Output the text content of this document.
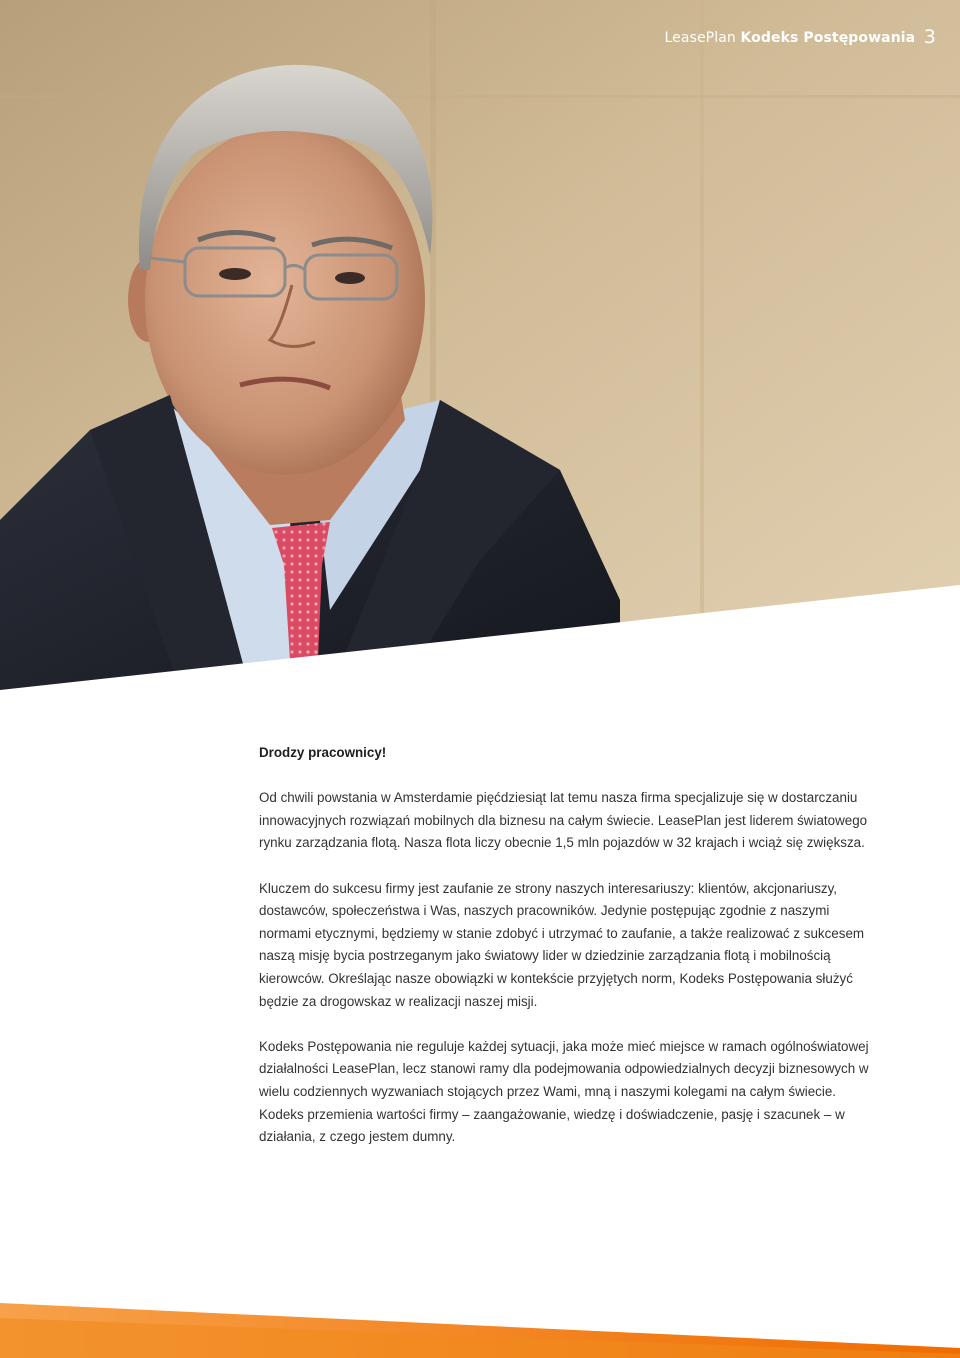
LeasePlan Kodeks Postępowania 3

Drodzy pracownicy!

Od chwili powstania w Amsterdamie pięćdziesiąt lat temu nasza firma specjalizuje się w dostarczaniu innowacyjnych rozwiązań mobilnych dla biznesu na całym świecie. LeasePlan jest liderem światowego rynku zarządzania flotą. Nasza flota liczy obecnie 1,5 mln pojazdów w 32 krajach i wciąż się zwiększa.

Kluczem do sukcesu firmy jest zaufanie ze strony naszych interesariuszy: klientów, akcjonariuszy, dostawców, społeczeństwa i Was, naszych pracowników. Jedynie postępując zgodnie z naszymi normami etycznymi, będziemy w stanie zdobyć i utrzymać to zaufanie, a także realizować z sukcesem naszą misję bycia postrzeganym jako światowy lider w dziedzinie zarządzania flotą i mobilnością kierowców. Określając nasze obowiązki w kontekście przyjętych norm, Kodeks Postępowania służyć będzie za drogowskaz w realizacji naszej misji.

Kodeks Postępowania nie reguluje każdej sytuacji, jaka może mieć miejsce w ramach ogólnoświatowej działalności LeasePlan, lecz stanowi ramy dla podejmowania odpowiedzialnych decyzji biznesowych w wielu codziennych wyzwaniach stojących przez Wami, mną i naszymi kolegami na całym świecie. Kodeks przemienia wartości firmy – zaangażowanie, wiedzę i doświadczenie, pasję i szacunek – w działania, z czego jestem dumny.
